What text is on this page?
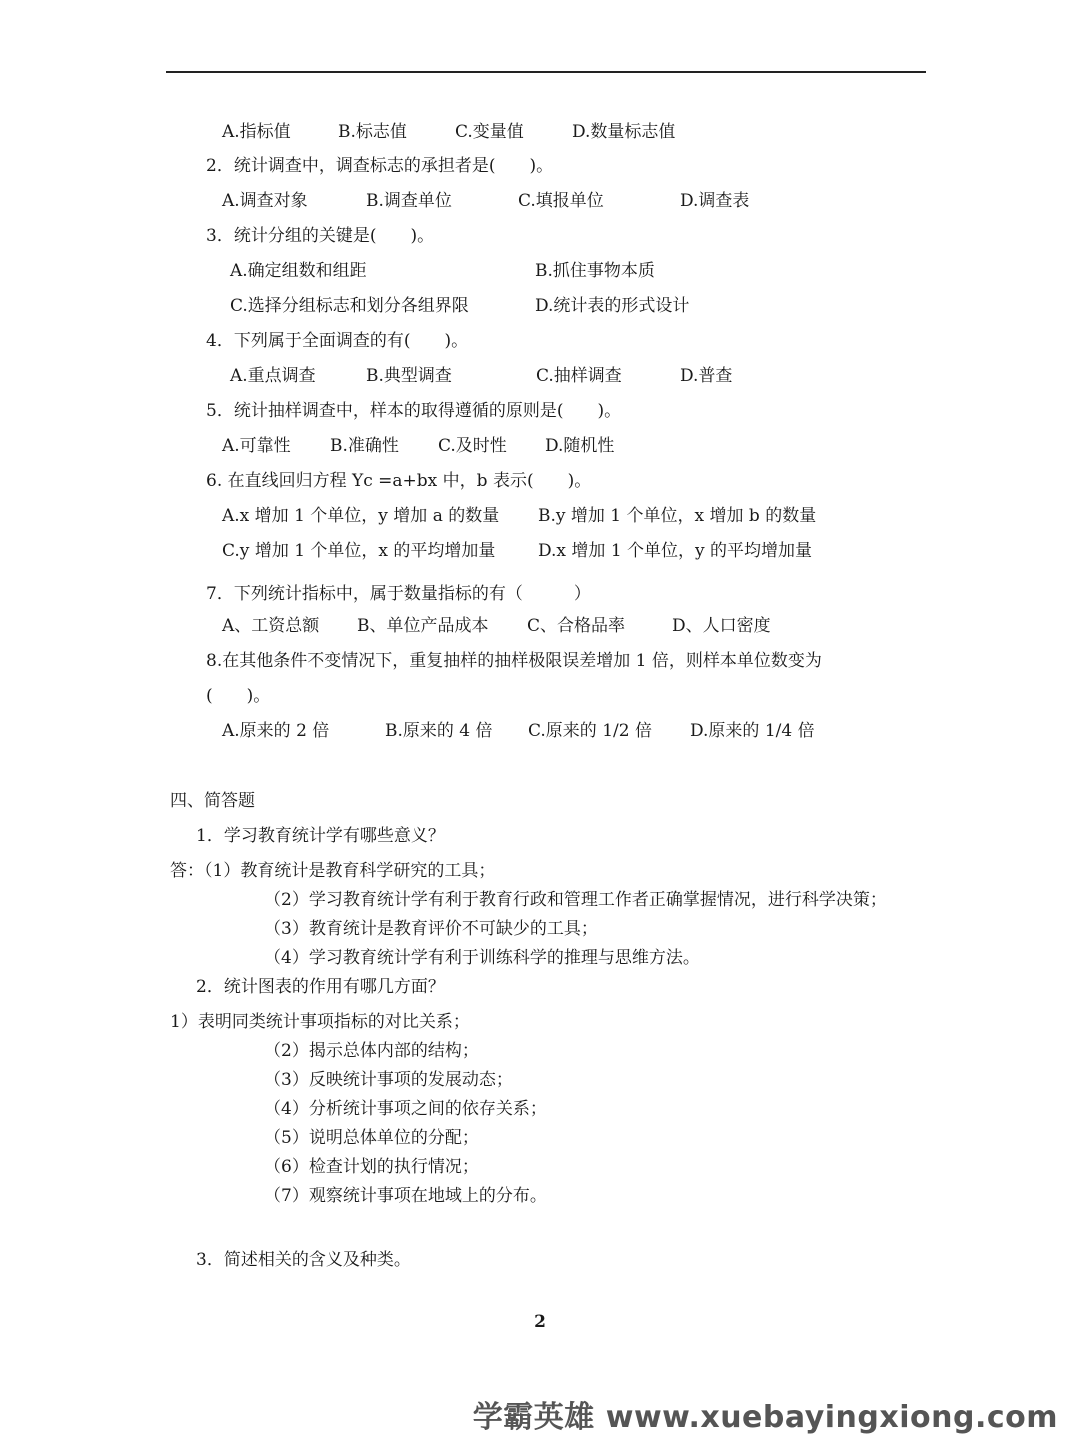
A.指标值	B.标志值	C.变量值	D.数量标志值
2．统计调查中，调查标志的承担者是(　　)。
A.调查对象	B.调查单位	C.填报单位	D.调查表
3．统计分组的关键是(　　)。
A.确定组数和组距	B.抓住事物本质
C.选择分组标志和划分各组界限	D.统计表的形式设计
4．下列属于全面调查的有(　　)。
A.重点调查	B.典型调查	C.抽样调查	D.普查
5．统计抽样调查中，样本的取得遵循的原则是(　　)。
A.可靠性 B.准确性 C.及时性 D.随机性
6. 在直线回归方程 Yc =a+bx 中，b 表示(　　)。
A.x 增加 1 个单位，y 增加 a 的数量 B.y 增加 1 个单位，x 增加 b 的数量
C.y 增加 1 个单位，x 的平均增加量	D.x 增加 1 个单位，y 的平均增加量
7．下列统计指标中，属于数量指标的有（　　　）
A、工资总额 B、单位产品成本 C、合格品率	D、人口密度
8.在其他条件不变情况下，重复抽样的抽样极限误差增加 1 倍，则样本单位数变为
(　　)。
A.原来的 2 倍	B.原来的 4 倍 C.原来的 1/2 倍 D.原来的 1/4 倍
四、简答题
1．学习教育统计学有哪些意义？
答：（1）教育统计是教育科学研究的工具；
（2）学习教育统计学有利于教育行政和管理工作者正确掌握情况，进行科学决策；
（3）教育统计是教育评价不可缺少的工具；
（4）学习教育统计学有利于训练科学的推理与思维方法。
2．统计图表的作用有哪几方面？
1）表明同类统计事项指标的对比关系；
（2）揭示总体内部的结构；
（3）反映统计事项的发展动态；
（4）分析统计事项之间的依存关系；
（5）说明总体单位的分配；
（6）检查计划的执行情况；
（7）观察统计事项在地域上的分布。
3．简述相关的含义及种类。
2
学霸英雄 www.xuebayingxiong.com
